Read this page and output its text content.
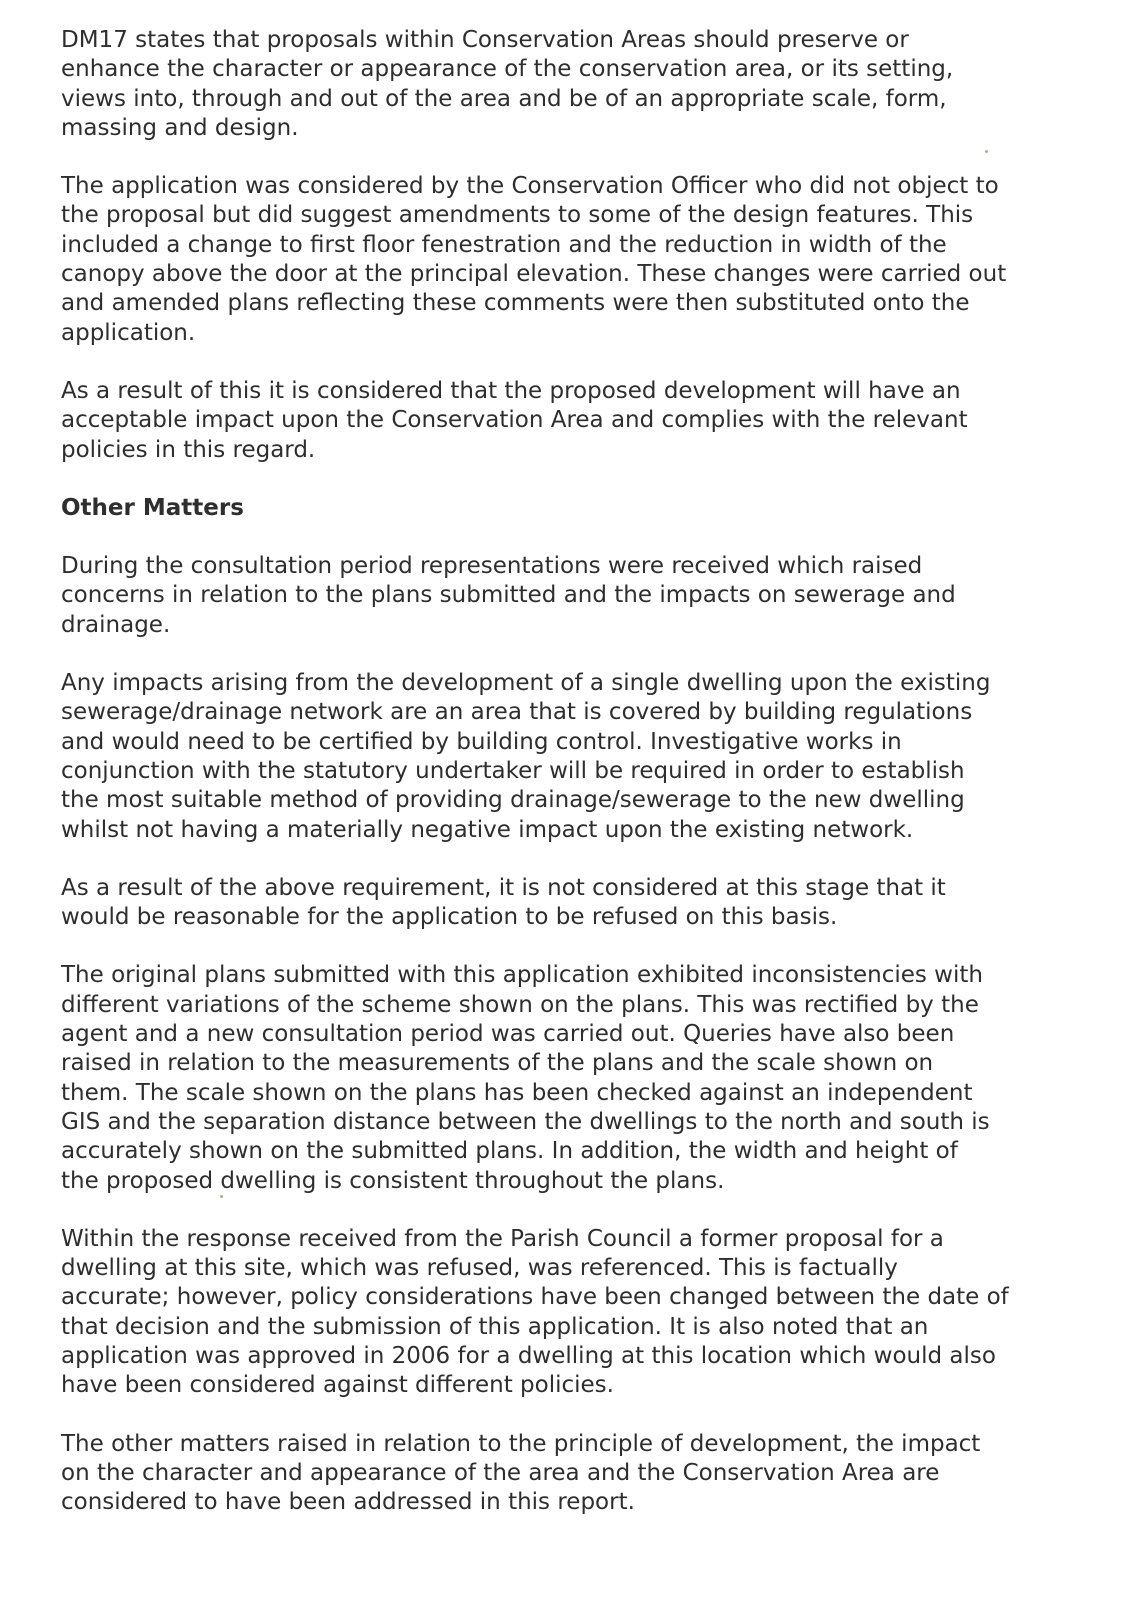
DM17 states that proposals within Conservation Areas should preserve or
enhance the character or appearance of the conservation area, or its setting,
views into, through and out of the area and be of an appropriate scale, form,
massing and design.

The application was considered by the Conservation Officer who did not object to
the proposal but did suggest amendments to some of the design features. This
included a change to first floor fenestration and the reduction in width of the
canopy above the door at the principal elevation. These changes were carried out
and amended plans reflecting these comments were then substituted onto the
application.

As a result of this it is considered that the proposed development will have an
acceptable impact upon the Conservation Area and complies with the relevant
policies in this regard.

Other Matters

During the consultation period representations were received which raised
concerns in relation to the plans submitted and the impacts on sewerage and
drainage.

Any impacts arising from the development of a single dwelling upon the existing
sewerage/drainage network are an area that is covered by building regulations
and would need to be certified by building control. Investigative works in
conjunction with the statutory undertaker will be required in order to establish
the most suitable method of providing drainage/sewerage to the new dwelling
whilst not having a materially negative impact upon the existing network.

As a result of the above requirement, it is not considered at this stage that it
would be reasonable for the application to be refused on this basis.

The original plans submitted with this application exhibited inconsistencies with
different variations of the scheme shown on the plans. This was rectified by the
agent and a new consultation period was carried out. Queries have also been
raised in relation to the measurements of the plans and the scale shown on
them. The scale shown on the plans has been checked against an independent
GIS and the separation distance between the dwellings to the north and south is
accurately shown on the submitted plans. In addition, the width and height of
the proposed dwelling is consistent throughout the plans.

Within the response received from the Parish Council a former proposal for a
dwelling at this site, which was refused, was referenced. This is factually
accurate; however, policy considerations have been changed between the date of
that decision and the submission of this application. It is also noted that an
application was approved in 2006 for a dwelling at this location which would also
have been considered against different policies.

The other matters raised in relation to the principle of development, the impact
on the character and appearance of the area and the Conservation Area are
considered to have been addressed in this report.
